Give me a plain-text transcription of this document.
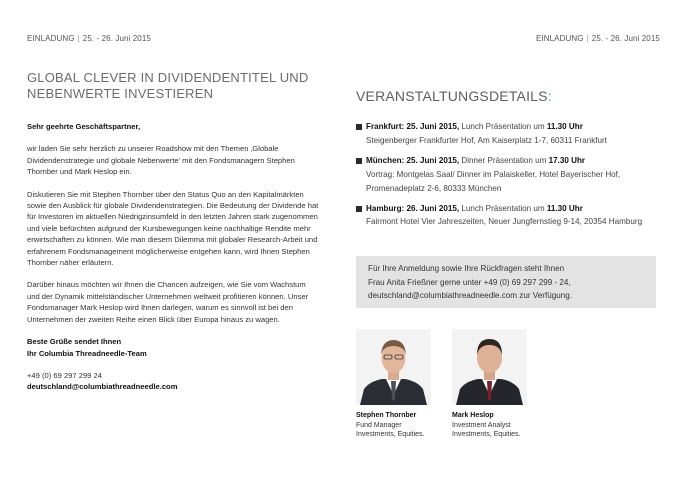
EINLADUNG | 25. - 26. Juni 2015	EINLADUNG | 25. - 26. Juni 2015
GLOBAL CLEVER IN DIVIDENDENTITEL UND
NEBENWERTE INVESTIEREN	VERANSTALTUNGSDETAILS:

Sehr geehrte Geschäftspartner,

wir laden Sie sehr herzlich zu unserer Roadshow mit den Themen ‚Globale Dividendenstrategie und globale Nebenwerte' mit den Fondsmanagern Stephen Thornber und Mark Heslop ein.

Diskutieren Sie mit Stephen Thornber über den Status Quo an den Kapitalmärkten sowie den Ausblick für globale Dividendenstrategien. Die Bedeutung der Dividende hat für Investoren im aktuellen Niedrigzinsumfeld in den letzten Jahren stark zugenommen und viele befürchten aufgrund der Kursbewegungen keine nachhaltige Rendite mehr erwirtschaften zu können. Wie man diesem Dilemma mit globaler Research-Arbeit und erfahrenem Fondsmanagement möglicherweise entgehen kann, wird Ihnen Stephen Thornber näher erläutern.

Darüber hinaus möchten wir Ihnen die Chancen aufzeigen, wie Sie vom Wachstum und der Dynamik mittelständischer Unternehmen weltweit profitieren können. Unser Fondsmanager Mark Heslop wird Ihnen darlegen, warum es sinnvoll ist bei den Unternehmen der zweiten Reihe einen Blick über Europa hinaus zu wagen.

Beste Grüße sendet Ihnen
Ihr Columbia Threadneedle-Team

+49 (0) 69 297 299 24
deutschland@columbiathreadneedle.com

Frankfurt: 25. Juni 2015, Lunch Präsentation um 11.30 Uhr
Steigenberger Frankfurter Hof, Am Kaiserplatz 1-7, 60311 Frankfurt
München: 25. Juni 2015, Dinner Präsentation um 17.30 Uhr
Vortrag: Montgelas Saal/ Dinner im Palaiskeller, Hotel Bayerischer Hof, Promenadeplatz 2-6, 80333 München
Hamburg: 26. Juni 2015, Lunch Präsentation um 11.30 Uhr
Fairmont Hotel Vier Jahreszeiten, Neuer Jungfernstieg 9-14, 20354 Hamburg
Für Ihre Anmeldung sowie Ihre Rückfragen steht Ihnen
Frau Anita Frießner gerne unter +49 (0) 69 297 299 - 24,
deutschland@columbiathreadneedle.com zur Verfügung.
Stephen Thornber
Fund Manager
Investments, Equities.
Mark Heslop
Investment Analyst
Investments, Equities.
